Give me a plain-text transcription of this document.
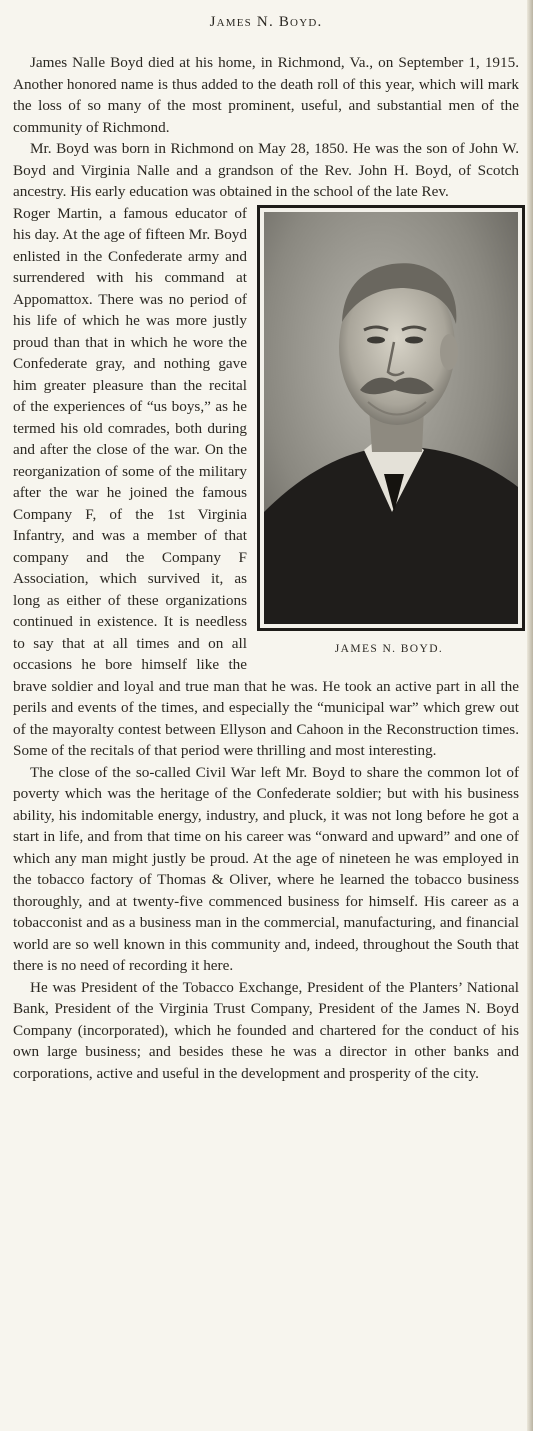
James N. Boyd.

James Nalle Boyd died at his home, in Richmond, Va., on September 1, 1915. Another honored name is thus added to the death roll of this year, which will mark the loss of so many of the most prominent, useful, and substantial men of the community of Richmond.

Mr. Boyd was born in Richmond on May 28, 1850. He was the son of John W. Boyd and Virginia Nalle and a grandson of the Rev. John H. Boyd, of Scotch ancestry. His early education was obtained in the school of the late Rev.

JAMES N. BOYD.

Roger Martin, a famous educator of his day. At the age of fifteen Mr. Boyd enlisted in the Confederate army and surrendered with his command at Appomattox. There was no period of his life of which he was more justly proud than that in which he wore the Confederate gray, and nothing gave him greater pleasure than the recital of the experiences of “us boys,” as he termed his old comrades, both during and after the close of the war. On the reorganization of some of the military after the war he joined the famous Company F, of the 1st Virginia Infantry, and was a member of that company and the Company F Association, which survived it, as long as either of these organizations continued in existence. It is needless to say that at all times and on all occasions he bore himself like the brave soldier and loyal and true man that he was. He took an active part in all the perils and events of the times, and especially the “municipal war” which grew out of the mayoralty contest between Ellyson and Cahoon in the Reconstruction times. Some of the recitals of that period were thrilling and most interesting.

The close of the so-called Civil War left Mr. Boyd to share the common lot of poverty which was the heritage of the Confederate soldier; but with his business ability, his indomitable energy, industry, and pluck, it was not long before he got a start in life, and from that time on his career was “onward and upward” and one of which any man might justly be proud. At the age of nineteen he was employed in the tobacco factory of Thomas & Oliver, where he learned the tobacco business thoroughly, and at twenty-five commenced business for himself. His career as a tobacconist and as a business man in the commercial, manufacturing, and financial world are so well known in this community and, indeed, throughout the South that there is no need of recording it here.

He was President of the Tobacco Exchange, President of the Planters’ National Bank, President of the Virginia Trust Company, President of the James N. Boyd Company (incorporated), which he founded and chartered for the conduct of his own large business; and besides these he was a director in other banks and corporations, active and useful in the development and prosperity of the city.
